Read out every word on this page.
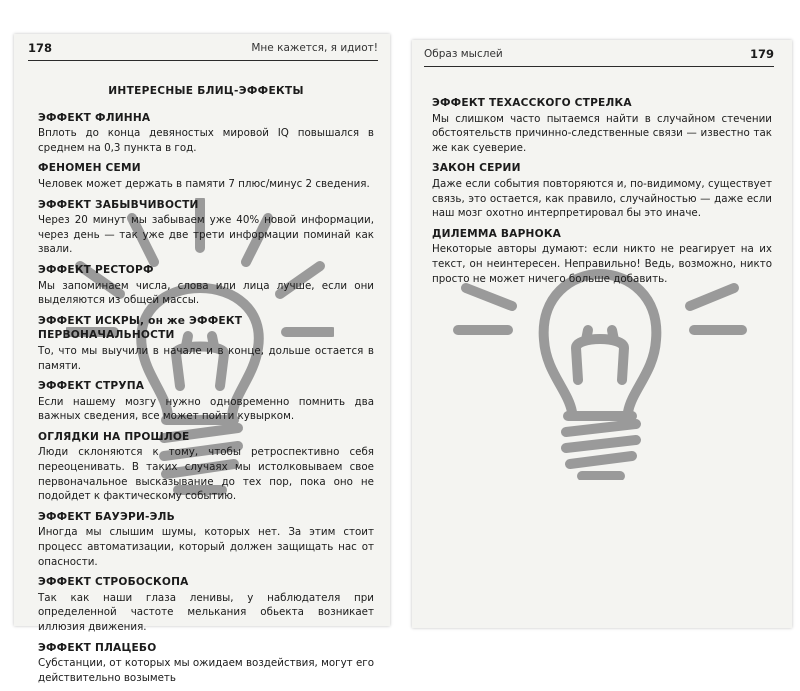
178	Мне кажется, я идиот!	Образ мыслей	179
ИНТЕРЕСНЫЕ БЛИЦ-ЭФФЕКТЫ
ЭФФЕКТ ФЛИННА

Вплоть до конца девяностых мировой IQ повышался в среднем на 0,3 пункта в год.

ФЕНОМЕН СЕМИ

Человек может держать в памяти 7 плюс/минус 2 сведения.

ЭФФЕКТ ЗАБЫВЧИВОСТИ

Через 20 минут мы забываем уже 40% новой информации, через день — так уже две трети информации поминай как звали.

ЭФФЕКТ РЕСТОРФ

Мы запоминаем числа, слова или лица лучше, если они выделяются из общей массы.

ЭФФЕКТ ИСКРЫ, он же ЭФФЕКТ ПЕРВОНАЧАЛЬНОСТИ

То, что мы выучили в начале и в конце, дольше остается в памяти.

ЭФФЕКТ СТРУПА

Если нашему мозгу нужно одновременно помнить два важных сведения, все может пойти кувырком.

ОГЛЯДКИ НА ПРОШЛОЕ

Люди склоняются к тому, чтобы ретроспективно себя переоценивать. В таких случаях мы истолковываем свое первоначальное высказывание до тех пор, пока оно не подойдет к фактическому событию.

ЭФФЕКТ БАУЭРИ-ЭЛЬ

Иногда мы слышим шумы, которых нет. За этим стоит процесс автоматизации, который должен защищать нас от опасности.

ЭФФЕКТ СТРОБОСКОПА

Так как наши глаза ленивы, у наблюдателя при определенной частоте мелькания обьекта возникает иллюзия движения.

ЭФФЕКТ ПЛАЦЕБО

Субстанции, от которых мы ожидаем воздействия, могут его действительно возыметь

ЭФФЕКТ ТЕХАССКОГО СТРЕЛКА

Мы слишком часто пытаемся найти в случайном стечении обстоятельств причинно-следственные связи — известно так же как суеверие.

ЗАКОН СЕРИИ

Даже если события повторяются и, по-видимому, существует связь, это остается, как правило, случайностью — даже если наш мозг охотно интерпретировал бы это иначе.

ДИЛЕММА ВАРНОКА

Некоторые авторы думают: если никто не реагирует на их текст, он неинтересен. Неправильно! Ведь, возможно, никто просто не может ничего больше добавить.
